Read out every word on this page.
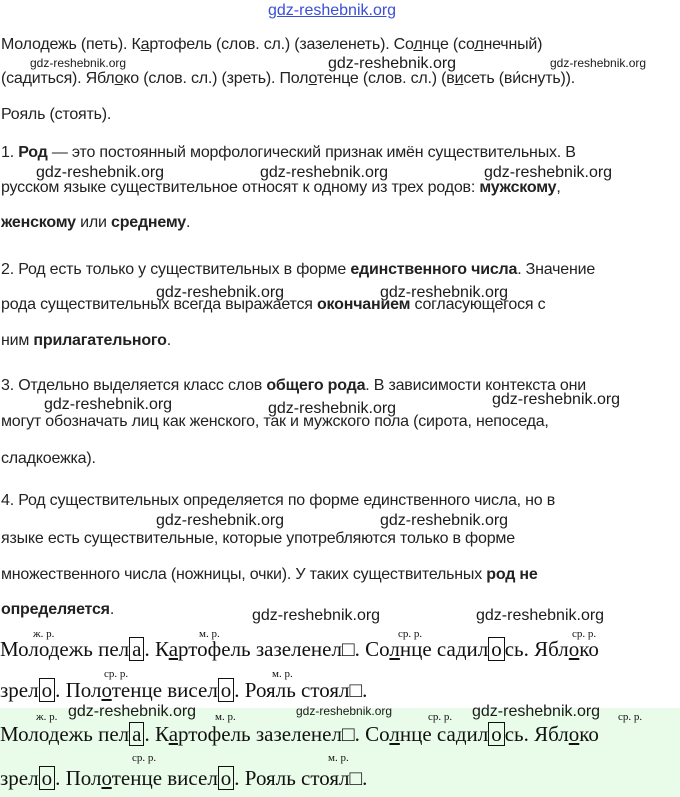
gdz-reshebnik.org
Молодежь (петь). Картофель (слов. сл.) (зазеленеть). Солнце (солнечный)
(садиться). Яблоко (слов. сл.) (зреть). Полотенце (слов. сл.) (висеть (ви́снуть)).
Рояль (стоять).
1. Род — это постоянный морфологический признак имён существительных. В
русском языке существительное относят к одному из трех родов: мужскому,
женскому или среднему.
2. Род есть только у существительных в форме единственного числа. Значение
рода существительных всегда выражается окончанием согласующегося с
ним прилагательного.
3. Отдельно выделяется класс слов общего рода. В зависимости контекста они
могут обозначать лиц как женского, так и мужского пола (сирота, непоседа,
сладкоежка).
4. Род существительных определяется по форме единственного числа, но в
языке есть существительные, которые употребляются только в форме
множественного числа (ножницы, очки). У таких существительных род не
определяется.
gdz-reshebnik.org	gdz-reshebnik.org	gdz-reshebnik.org
gdz-reshebnik.org	gdz-reshebnik.org	gdz-reshebnik.org
gdz-reshebnik.org	gdz-reshebnik.org
gdz-reshebnik.org	gdz-reshebnik.org
gdz-reshebnik.org
gdz-reshebnik.org	gdz-reshebnik.org
gdz-reshebnik.org	gdz-reshebnik.org
ж. р.	м. р.	ср. р.	ср. р.
Молодежь пел а . Картофель зазеленел□. Солнце садил о сь. Яблоко
ср. р.	м. р.
зрел о . Полотенце висел о . Рояль стоял□.
ж. р.	м. р.	ср. р.	ср. р.
gdz-reshebnik.org	gdz-reshebnik.org	gdz-reshebnik.org
Молодежь пел а . Картофель зазеленел□. Солнце садил о сь. Яблоко
ср. р.	м. р.
зрел о . Полотенце висел о . Рояль стоял□.
